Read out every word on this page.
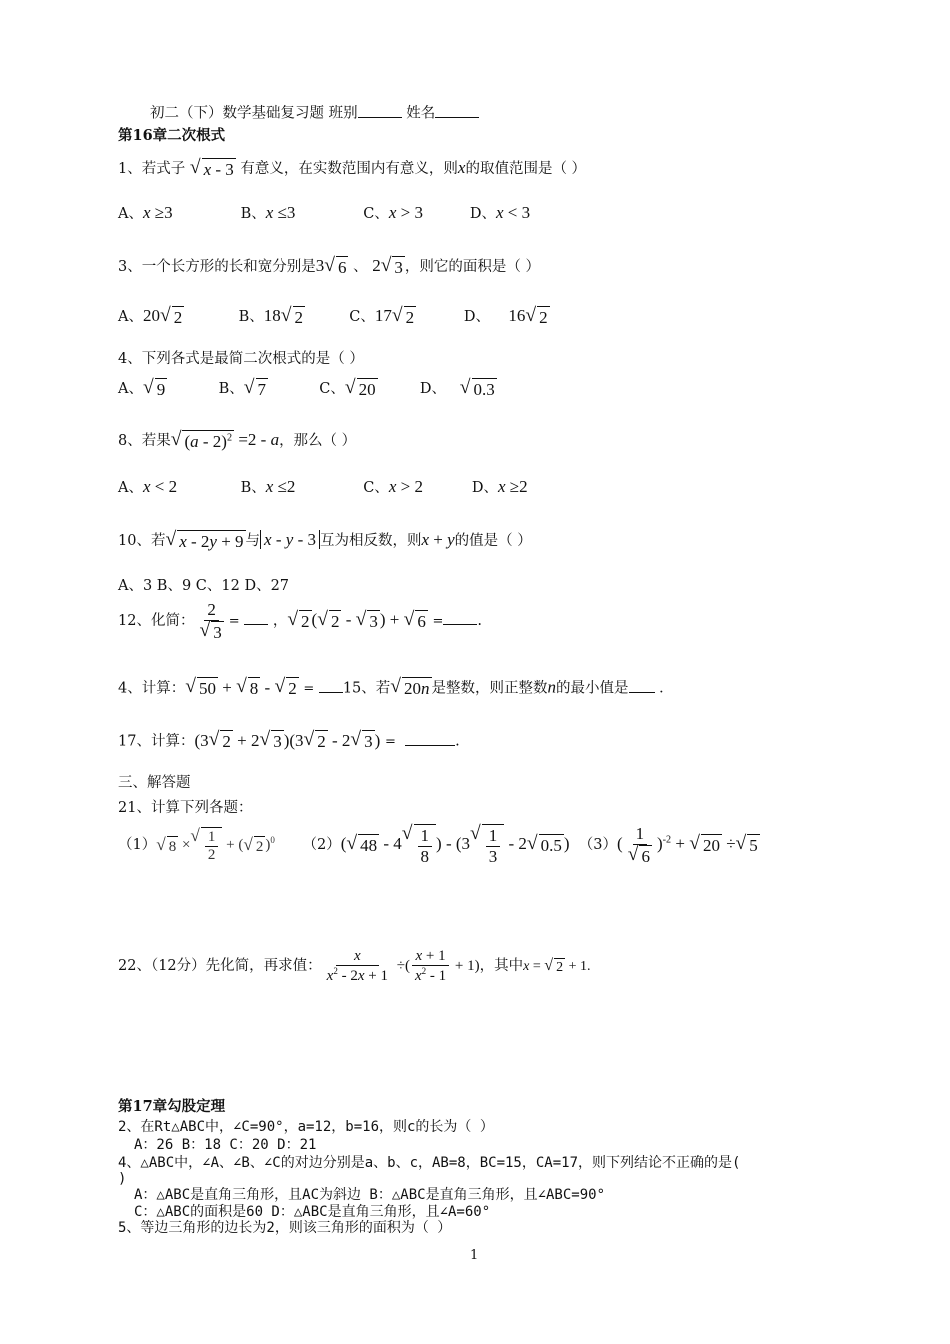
初二（下）数学基础复习题 班别	姓名
第16章二次根式
1、若式子 √ x - 3 有意义，在实数范围内有意义，则x的取值范围是（ ）
A、x ≥3	B、x ≤3	C、x > 3	D、x < 3
3、一个长方形的长和宽分别是3 √ 6 、 2 √ 3 ，则它的面积是（ ）
A、20 √ 2	B、18 √ 2	C、17 √ 2	D、 16 √ 2
4、下列各式是最简二次根式的是（ ）
A、 √ 9	B、 √ 7	C、 √ 20	D、 √ 0.3
8、若果 √ (a - 2)$^2$ =2 - a，那么（ ）
A、x < 2	B、x ≤2	C、x > 2	D、x ≥2
10、若 √ x - 2y + 9 与 x - y - 3 互为相反数，则x + y的值是（ ）
A、3 B、9 C、12 D、27
12、化简： $\frac{2}{√ 3}$ = ， √ 2 ( √ 2 - √ 3 ) + √ 6 = .
4、计算： √ 50 + √ 8 - √ 2 = 15、若 √ 20n 是整数，则正整数n的最小值是 ．
17、计算：(3 √ 2 + 2 √ 3 )(3 √ 2 - 2 √ 3 ) =	.
三、解答题
21、计算下列各题：
（1） √ 8 ×
√ $\frac{1}{2}$ + ( √ 2 )$^0$ （2）( √ 48 - 4 √ $\frac{1}{8}$ ) - (3 √ $\frac{1}{3} - 2$ √ 0.5 ) $(3)( \frac{1}{√ 6} )^{-2}$ + √ 20 ÷ √ 5
22、（12分）先化简，再求值： $\frac{x}{x^2 - 2x + 1}$ ÷( $\frac{x + 1}{x^2 - 1} + 1$)，其中x = √ 2 + 1.
第17章勾股定理
2、在Rt△ABC中，∠C=90°，a=12，b=16，则c的长为（ ）
A：26 B：18 C：20 D：21
4、△ABC中，∠A、∠B、∠C的对边分别是a、b、c，AB=8，BC=15，CA=17，则下列结论不正确的是(
)
A：△ABC是直角三角形，且AC为斜边 B：△ABC是直角三角形，且∠ABC=90°
C：△ABC的面积是60 D：△ABC是直角三角形，且∠A=60°
5、等边三角形的边长为2，则该三角形的面积为（ ）
1
